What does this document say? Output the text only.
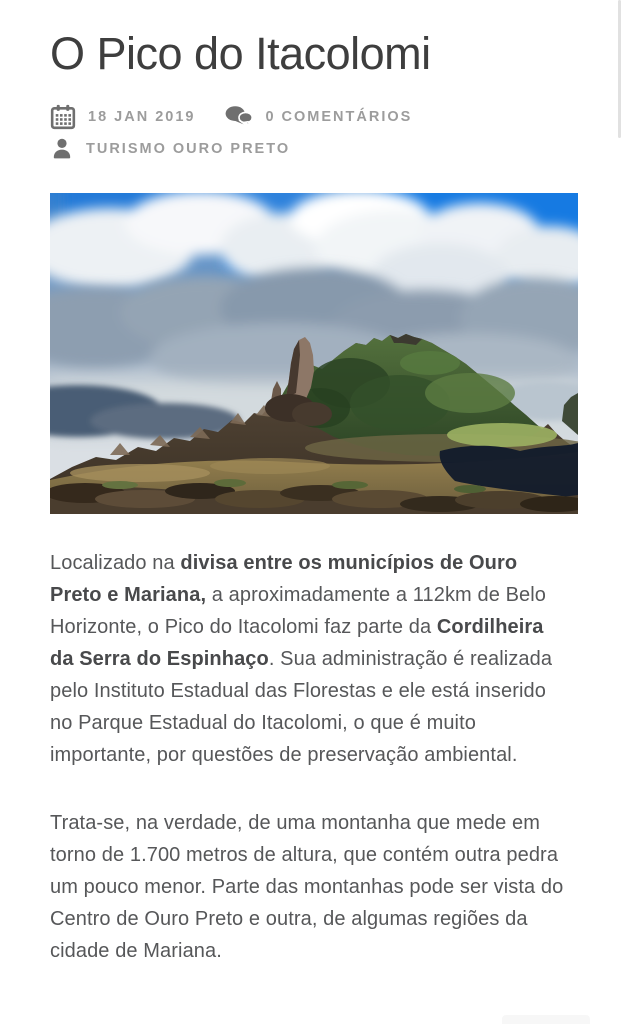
O Pico do Itacolomi
18 JAN 2019	0 COMENTÁRIOS
TURISMO OURO PRETO

Localizado na divisa entre os municípios de Ouro Preto e Mariana, a aproximadamente a 112km de Belo Horizonte, o Pico do Itacolomi faz parte da Cordilheira da Serra do Espinhaço. Sua administração é realizada pelo Instituto Estadual das Florestas e ele está inserido no Parque Estadual do Itacolomi, o que é muito importante, por questões de preservação ambiental.

Trata-se, na verdade, de uma montanha que mede em torno de 1.700 metros de altura, que contém outra pedra um pouco menor. Parte das montanhas pode ser vista do Centro de Ouro Preto e outra, de algumas regiões da cidade de Mariana.
